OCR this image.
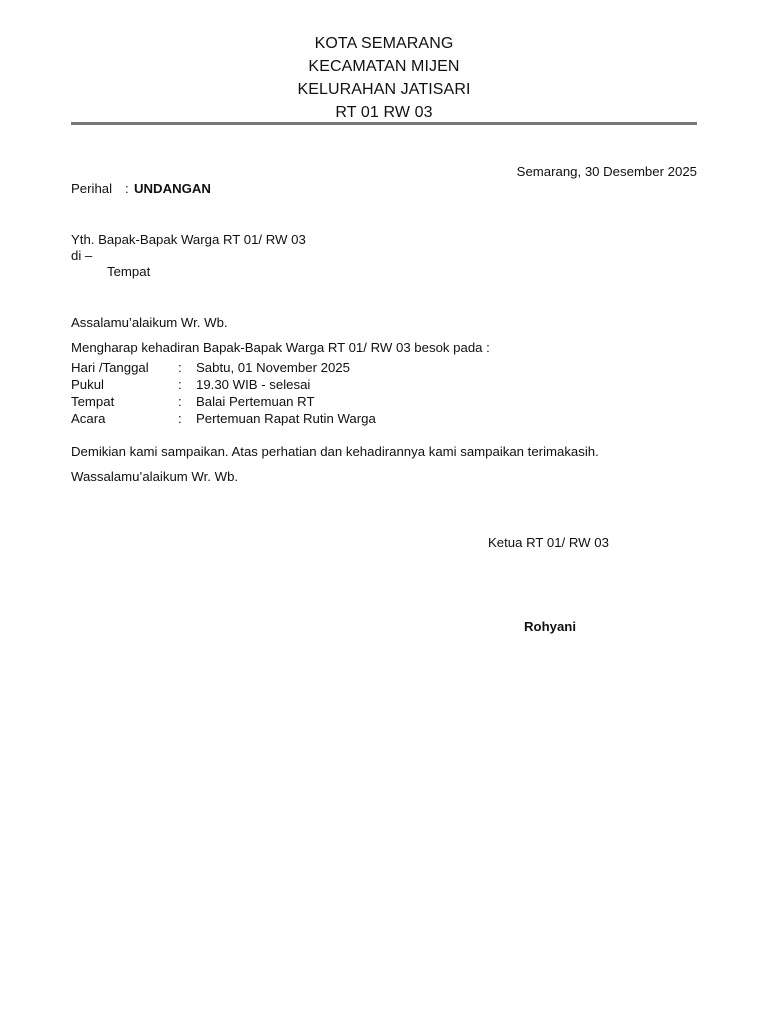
KOTA SEMARANG
KECAMATAN MIJEN
KELURAHAN JATISARI
RT 01 RW 03
Semarang, 30 Desember 2025
Perihal : UNDANGAN
Yth. Bapak-Bapak Warga RT 01/ RW 03
di –
Tempat
Assalamu’alaikum Wr. Wb.
Mengharap kehadiran Bapak-Bapak Warga RT 01/ RW 03 besok pada :
Hari /Tanggal : Sabtu, 01 November 2025
Pukul	: 19.30 WIB - selesai
Tempat	: Balai Pertemuan RT
Acara	: Pertemuan Rapat Rutin Warga
Demikian kami sampaikan. Atas perhatian dan kehadirannya kami sampaikan terimakasih.
Wassalamu’alaikum Wr. Wb.
Ketua RT 01/ RW 03
Rohyani
